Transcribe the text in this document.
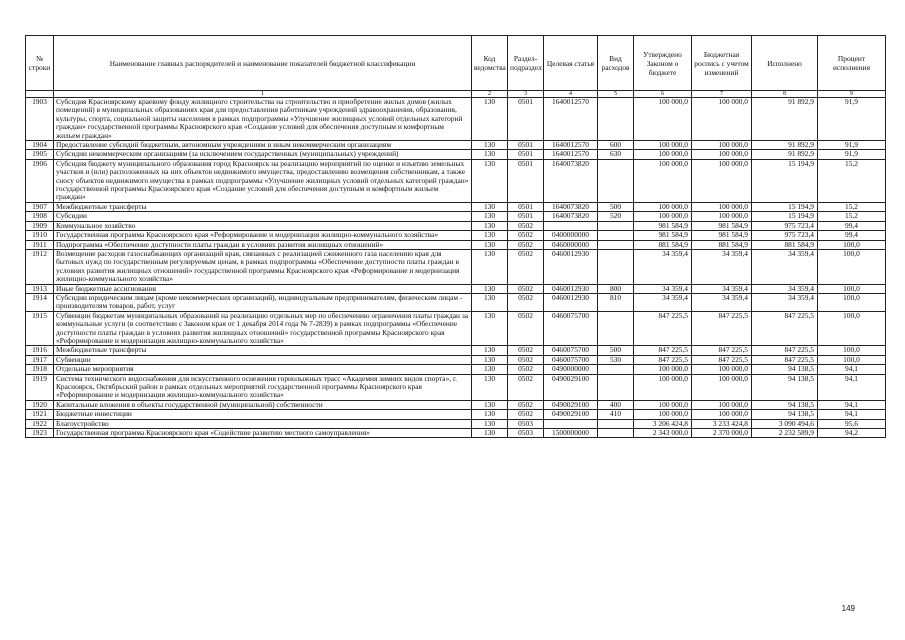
№ строки	Наименование главных распорядителей и наименование показателей бюджетной классификации	Код ведомства	Раздел-подраздел	Целевая статья	Вид расходов	Утверждено Законом о бюджете	Бюджетная роспись с учетом изменений	Исполнено	Процент исполнения
	1	2	3	4	5	6	7	8	9
1903	Субсидия Красноярскому краевому фонду жилищного строительства на строительство и приобретение жилых домов (жилых помещений) в муниципальных образованиях края для предоставления работникам учреждений здравоохранения, образования, культуры, спорта, социальной защиты населения в рамках подпрограммы «Улучшение жилищных условий отдельных категорий граждан» государственной программы Красноярского края «Создание условий для обеспечения доступным и комфортным жильем граждан»	130	0501	1640012570		100 000,0	100 000,0	91 892,9	91,9
1904	Предоставление субсидий бюджетным, автономным учреждениям и иным некоммерческим организациям	130	0501	1640012570	600	100 000,0	100 000,0	91 892,9	91,9
1905	Субсидии некоммерческим организациям (за исключением государственных (муниципальных) учреждений)	130	0501	1640012570	630	100 000,0	100 000,0	91 892,9	91,9
1906	Субсидия бюджету муниципального образования город Красноярск на реализацию мероприятий по оценке и изъятию земельных участков и (или) расположенных на них объектов недвижимого имущества, предоставлению возмещения собственникам, а также сносу объектов недвижимого имущества в рамках подпрограммы «Улучшение жилищных условий отдельных категорий граждан» государственной программы Красноярского края «Создание условий для обеспечения доступным и комфортным жильем граждан»	130	0501	1640073820		100 000,0	100 000,0	15 194,9	15,2
1907	Межбюджетные трансферты	130	0501	1640073820	500	100 000,0	100 000,0	15 194,9	15,2
1908	Субсидии	130	0501	1640073820	520	100 000,0	100 000,0	15 194,9	15,2
1909	Коммунальное хозяйство	130	0502			981 584,9	981 584,9	975 723,4	99,4
1910	Государственная программа Красноярского края «Реформирование и модернизация жилищно-коммунального хозяйства»	130	0502	0400000000		981 584,9	981 584,9	975 723,4	99,4
1911	Подпрограмма «Обеспечение доступности платы граждан в условиях развития жилищных отношений»	130	0502	0460000000		881 584,9	881 584,9	881 584,9	100,0
1912	Возмещение расходов газоснабжающих организаций края, связанных с реализацией сжиженного газа населению края для бытовых нужд по государственным регулируемым ценам, в рамках подпрограммы «Обеспечение доступности платы граждан в условиях развития жилищных отношений» государственной программы Красноярского края «Реформирование и модернизация жилищно-коммунального хозяйства»	130	0502	0460012930		34 359,4	34 359,4	34 359,4	100,0
1913	Иные бюджетные ассигнования	130	0502	0460012930	800	34 359,4	34 359,4	34 359,4	100,0
1914	Субсидии юридическим лицам (кроме некоммерческих организаций), индивидуальным предпринимателям, физическим лицам - производителям товаров, работ, услуг	130	0502	0460012930	810	34 359,4	34 359,4	34 359,4	100,0
1915	Субвенции бюджетам муниципальных образований на реализацию отдельных мер по обеспечению ограничения платы граждан за коммунальные услуги (в соответствии с Законом края от 1 декабря 2014 года № 7-2839) в рамках подпрограммы «Обеспечение доступности платы граждан в условиях развития жилищных отношений» государственной программы Красноярского края «Реформирование и модернизация жилищно-коммунального хозяйства»	130	0502	0460075700		847 225,5	847 225,5	847 225,5	100,0
1916	Межбюджетные трансферты	130	0502	0460075700	500	847 225,5	847 225,5	847 225,5	100,0
1917	Субвенции	130	0502	0460075700	530	847 225,5	847 225,5	847 225,5	100,0
1918	Отдельные мероприятия	130	0502	0490000000		100 000,0	100 000,0	94 138,5	94,1
1919	Система технического водоснабжения для искусственного оснежения горнолыжных трасс «Академия зимних видов спорта», г. Красноярск, Октябрьский район в рамках отдельных мероприятий государственной программы Красноярского края «Реформирование и модернизация жилищно-коммунального хозяйства»	130	0502	0490029100		100 000,0	100 000,0	94 138,5	94,1
1920	Капитальные вложения в объекты государственной (муниципальной) собственности	130	0502	0490029100	400	100 000,0	100 000,0	94 138,5	94,1
1921	Бюджетные инвестиции	130	0502	0490029100	410	100 000,0	100 000,0	94 138,5	94,1
1922	Благоустройство	130	0503			3 206 424,8	3 233 424,8	3 090 494,6	95,6
1923	Государственная программа Красноярского края «Содействие развитию местного самоуправления»	130	0503	1500000000		2 343 000,0	2 370 000,0	2 232 589,9	94,2
149
